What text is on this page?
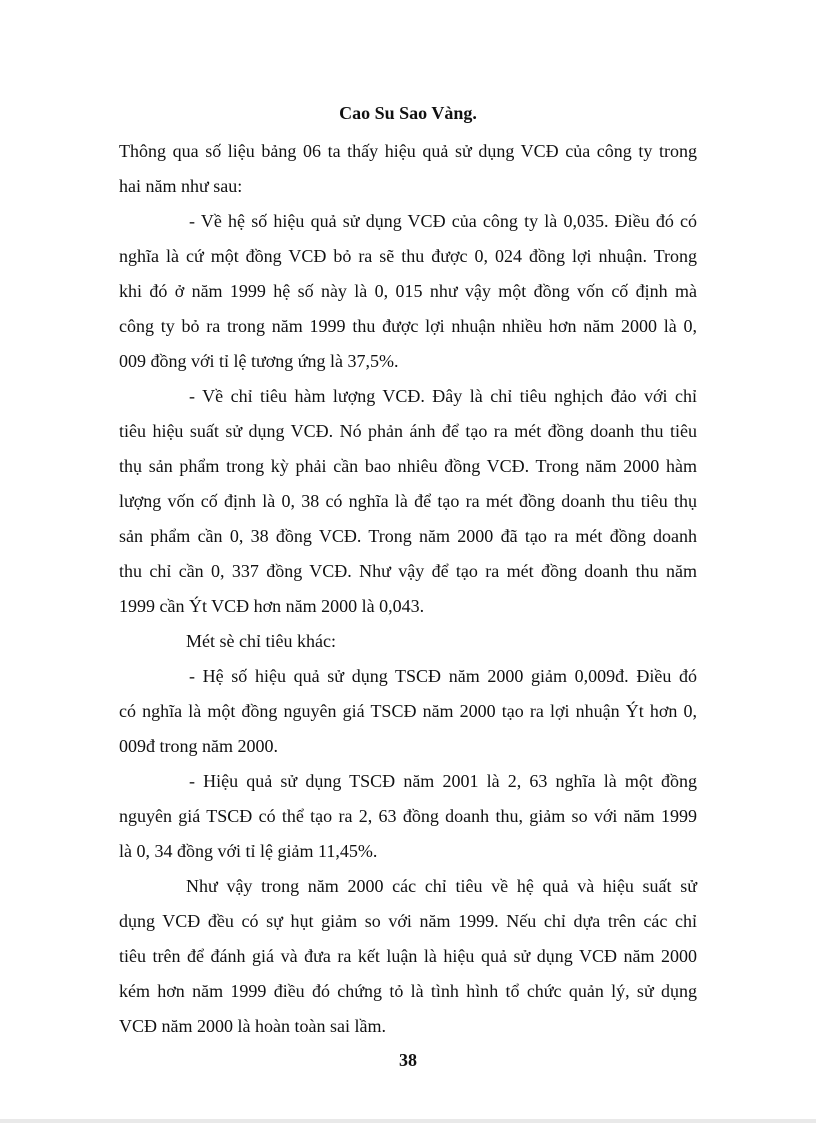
Cao Su Sao Vàng.
Thông qua số liệu bảng 06 ta thấy hiệu quả sử dụng VCĐ của công ty trong
hai năm như sau:
- Về hệ số hiệu quả sử dụng VCĐ của công ty là 0,035. Điều đó có
nghĩa là cứ một đồng VCĐ bỏ ra sẽ thu được 0, 024 đồng lợi nhuận. Trong
khi đó ở năm 1999 hệ số này là 0, 015 như vậy một đồng vốn cố định mà
công ty bỏ ra trong năm 1999 thu được lợi nhuận nhiều hơn năm 2000 là 0,
009 đồng với tỉ lệ tương ứng là 37,5%.
- Về chỉ tiêu hàm lượng VCĐ. Đây là chỉ tiêu nghịch đảo với chỉ
tiêu hiệu suất sử dụng VCĐ. Nó phản ánh để tạo ra mét đồng doanh thu tiêu
thụ sản phẩm trong kỳ phải cần bao nhiêu đồng VCĐ. Trong năm 2000 hàm
lượng vốn cố định là 0, 38 có nghĩa là để tạo ra mét đồng doanh thu tiêu thụ
sản phẩm cần 0, 38 đồng VCĐ. Trong năm 2000 đã tạo ra mét đồng doanh
thu chỉ cần 0, 337 đồng VCĐ. Như vậy để tạo ra mét đồng doanh thu năm
1999 cần Ýt VCĐ hơn năm 2000 là 0,043.
Mét sè chỉ tiêu khác:
- Hệ số hiệu quả sử dụng TSCĐ năm 2000 giảm 0,009đ. Điều đó
có nghĩa là một đồng nguyên giá TSCĐ năm 2000 tạo ra lợi nhuận Ýt hơn 0,
009đ trong năm 2000.
- Hiệu quả sử dụng TSCĐ năm 2001 là 2, 63 nghĩa là một đồng
nguyên giá TSCĐ có thể tạo ra 2, 63 đồng doanh thu, giảm so với năm 1999
là 0, 34 đồng với tỉ lệ giảm 11,45%.
Như vậy trong năm 2000 các chỉ tiêu về hệ quả và hiệu suất sử
dụng VCĐ đều có sự hụt giảm so với năm 1999. Nếu chỉ dựa trên các chỉ
tiêu trên để đánh giá và đưa ra kết luận là hiệu quả sử dụng VCĐ năm 2000
kém hơn năm 1999 điều đó chứng tỏ là tình hình tổ chức quản lý, sử dụng
VCĐ năm 2000 là hoàn toàn sai lầm.
38
